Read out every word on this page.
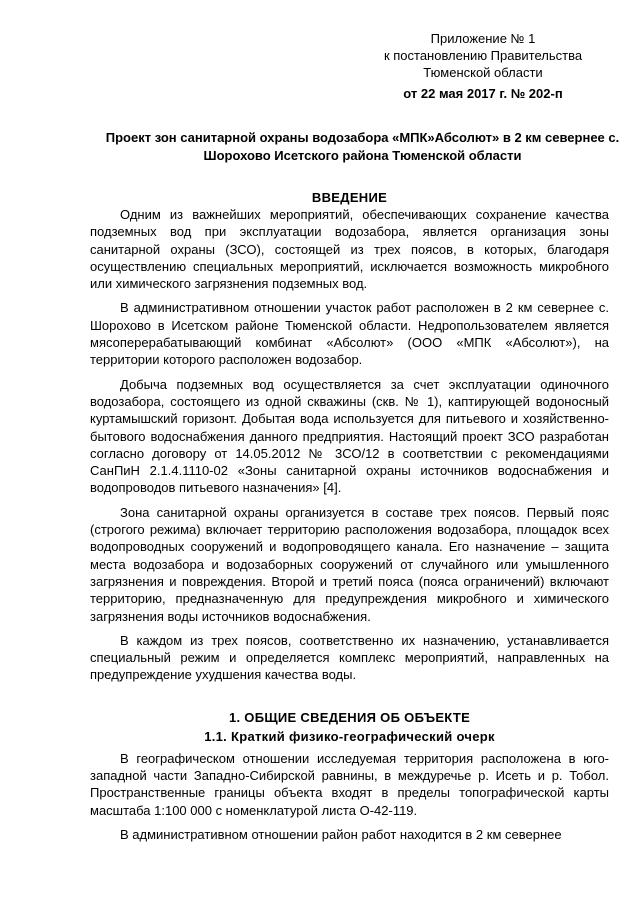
Приложение № 1
к постановлению Правительства
Тюменской области
от 22 мая 2017 г. № 202-п
Проект зон санитарной охраны водозабора «МПК»Абсолют» в 2 км севернее с. Шорохово Исетского района Тюменской области
ВВЕДЕНИЕ

Одним из важнейших мероприятий, обеспечивающих сохранение качества подземных вод при эксплуатации водозабора, является организация зоны санитарной охраны (ЗСО), состоящей из трех поясов, в которых, благодаря осуществлению специальных мероприятий, исключается возможность микробного или химического загрязнения подземных вод.

В административном отношении участок работ расположен в 2 км севернее с. Шорохово в Исетском районе Тюменской области. Недропользователем является мясоперерабатывающий комбинат «Абсолют» (ООО «МПК «Абсолют»), на территории которого расположен водозабор.

Добыча подземных вод осуществляется за счет эксплуатации одиночного водозабора, состоящего из одной скважины (скв. № 1), каптирующей водоносный куртамышский горизонт. Добытая вода используется для питьевого и хозяйственно-бытового водоснабжения данного предприятия. Настоящий проект ЗСО разработан согласно договору от 14.05.2012 № 3СО/12 в соответствии с рекомендациями СанПиН 2.1.4.1110-02 «Зоны санитарной охраны источников водоснабжения и водопроводов питьевого назначения» [4].

Зона санитарной охраны организуется в составе трех поясов. Первый пояс (строгого режима) включает территорию расположения водозабора, площадок всех водопроводных сооружений и водопроводящего канала. Его назначение – защита места водозабора и водозаборных сооружений от случайного или умышленного загрязнения и повреждения. Второй и третий пояса (пояса ограничений) включают территорию, предназначенную для предупреждения микробного и химического загрязнения воды источников водоснабжения.

В каждом из трех поясов, соответственно их назначению, устанавливается специальный режим и определяется комплекс мероприятий, направленных на предупреждение ухудшения качества воды.

1. ОБЩИЕ СВЕДЕНИЯ ОБ ОБЪЕКТЕ
1.1. Краткий физико-географический очерк

В географическом отношении исследуемая территория расположена в юго-западной части Западно-Сибирской равнины, в междуречье р. Исеть и р. Тобол. Пространственные границы объекта входят в пределы топографической карты масштаба 1:100 000 с номенклатурой листа О-42-119.

В административном отношении район работ находится в 2 км севернее
